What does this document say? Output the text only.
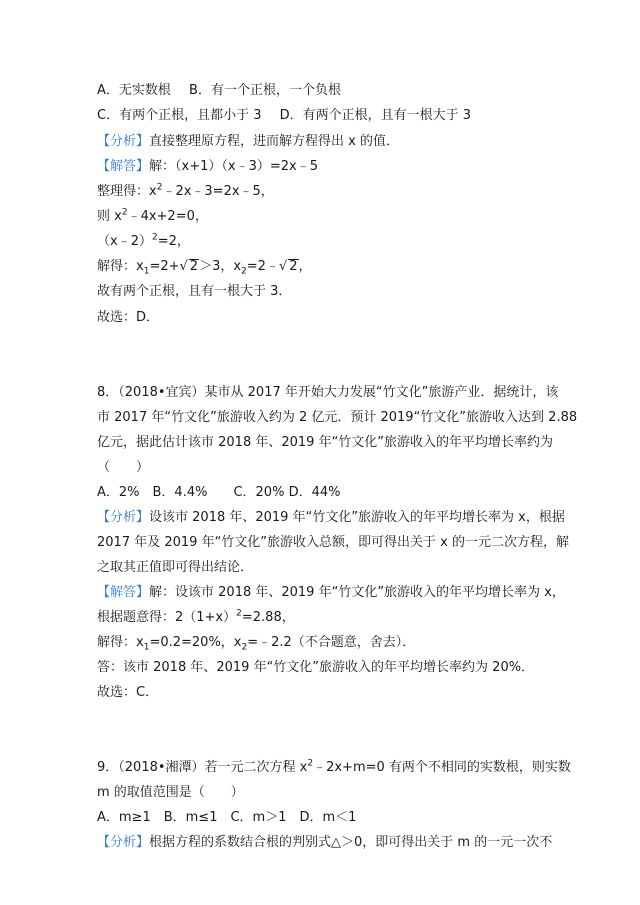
A．无实数根 B．有一个正根，一个负根
C．有两个正根，且都小于 3 D．有两个正根，且有一根大于 3
【分析】直接整理原方程，进而解方程得出 x 的值．
【解答】解：（x+1）（x﹣3）=2x﹣5
整理得：$x^2﹣2x﹣3=2x﹣5$，
则 $x^2﹣4x+2=0$，
（x﹣2）$^2$=2，
解得：$x_1=2+√$ 2＞3，$x_2=2﹣√$ 2，
故有两个正根，且有一根大于 3．
故选：D．
8．（2018•宜宾）某市从 2017 年开始大力发展“竹文化”旅游产业．据统计，该
市 2017 年“竹文化”旅游收入约为 2 亿元．预计 2019“竹文化”旅游收入达到 2.88
亿元，据此估计该市 2018 年、2019 年“竹文化”旅游收入的年平均增长率约为
（　　）
A．2%　B．4.4%　　C．20% D．44%
【分析】设该市 2018 年、2019 年“竹文化”旅游收入的年平均增长率为 x，根据
2017 年及 2019 年“竹文化”旅游收入总额，即可得出关于 x 的一元二次方程，解
之取其正值即可得出结论．
【解答】解：设该市 2018 年、2019 年“竹文化”旅游收入的年平均增长率为 x，
根据题意得：$2(1+x)^2=2.88$，
解得：$x_1=0.2=20\%$，$x_2=﹣2.2$（不合题意，舍去）．
答：该市 2018 年、2019 年“竹文化”旅游收入的年平均增长率约为 20%．
故选：C．
9．（2018•湘潭）若一元二次方程 $x^2﹣2x+m=0$ 有两个不相同的实数根，则实数
m 的取值范围是（　　）
A．m≥1　B．m≤1　C．m＞1　D．m＜1
【分析】根据方程的系数结合根的判别式△＞0，即可得出关于 m 的一元一次不
